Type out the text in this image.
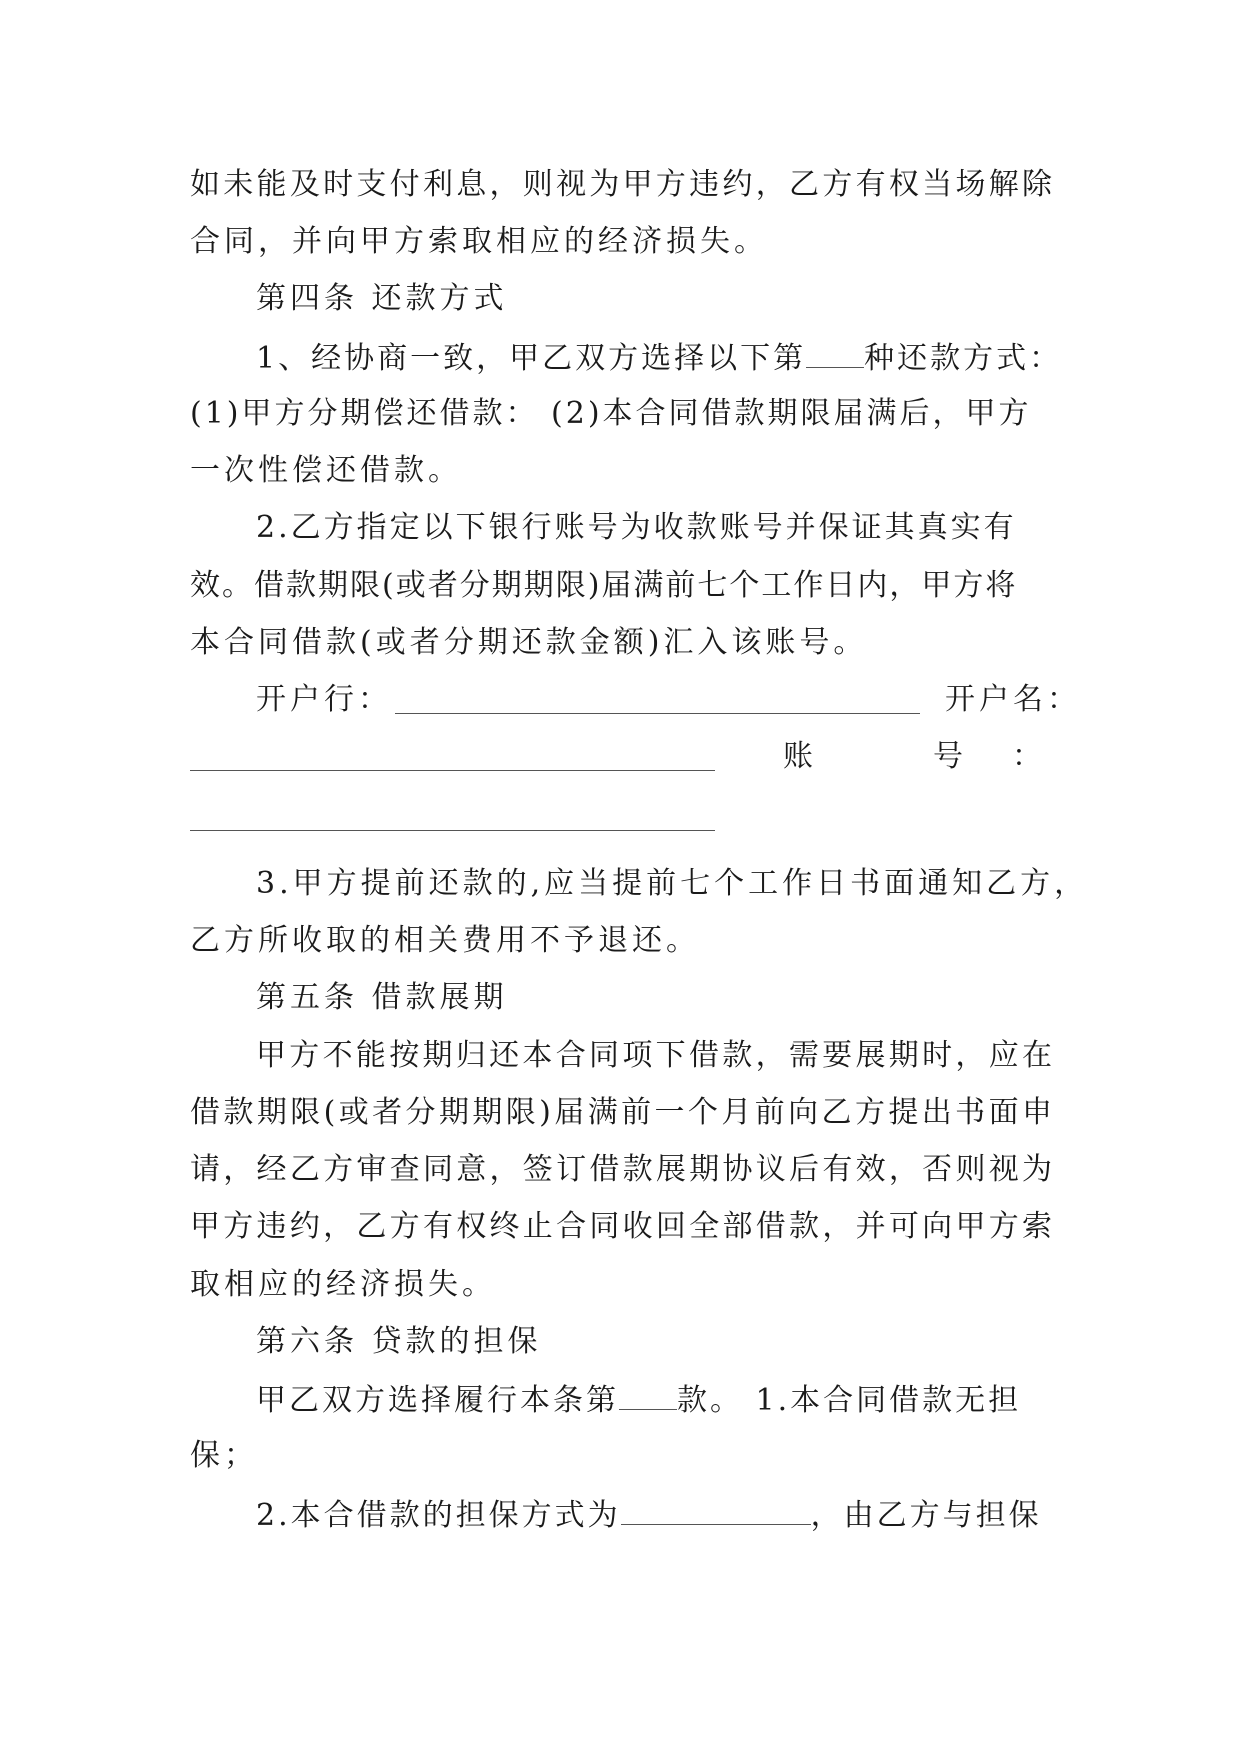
如未能及时支付利息，则视为甲方违约，乙方有权当场解除
合同，并向甲方索取相应的经济损失。
第四条 还款方式
1、经协商一致，甲乙双方选择以下第 种还款方式：
(1)甲方分期偿还借款： (2)本合同借款期限届满后，甲方
一次性偿还借款。
2.乙方指定以下银行账号为收款账号并保证其真实有
效。借款期限(或者分期期限)届满前七个工作日内，甲方将
本合同借款(或者分期还款金额)汇入该账号。
开户行：	开户名：
账	号 ：
3.甲方提前还款的,应当提前七个工作日书面通知乙方，
乙方所收取的相关费用不予退还。
第五条 借款展期
甲方不能按期归还本合同项下借款，需要展期时，应在
借款期限(或者分期期限)届满前一个月前向乙方提出书面申
请，经乙方审查同意，签订借款展期协议后有效，否则视为
甲方违约，乙方有权终止合同收回全部借款，并可向甲方索
取相应的经济损失。
第六条 贷款的担保
甲乙双方选择履行本条第 款。 1.本合同借款无担
保；
2.本合借款的担保方式为	，由乙方与担保
